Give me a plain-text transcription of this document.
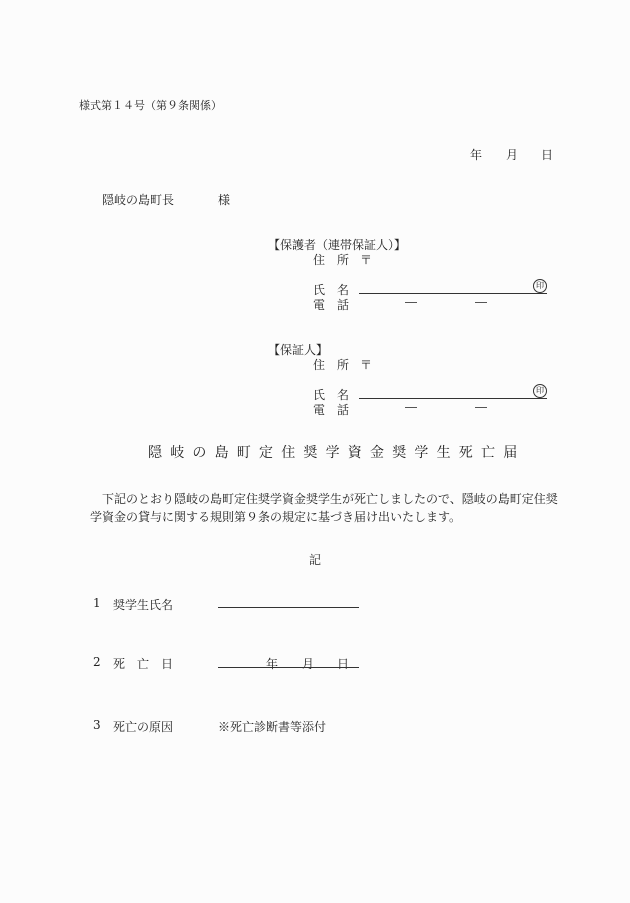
様式第１４号（第９条関係）
年 月 日
隠岐の島町長	様
【保護者（連帯保証人）】
住 所 〒
氏 名	印
電 話
【保証人】
住 所 〒
氏 名	印
電 話
隠岐の島町定住奨学資金奨学生死亡届
下記のとおり隠岐の島町定住奨学資金奨学生が死亡しましたので、隠岐の島町定住奨
学資金の貸与に関する規則第９条の規定に基づき届け出いたします。
記
1 奨学生氏名
2 死　亡　日	年 月 日
3 死亡の原因	※死亡診断書等添付
